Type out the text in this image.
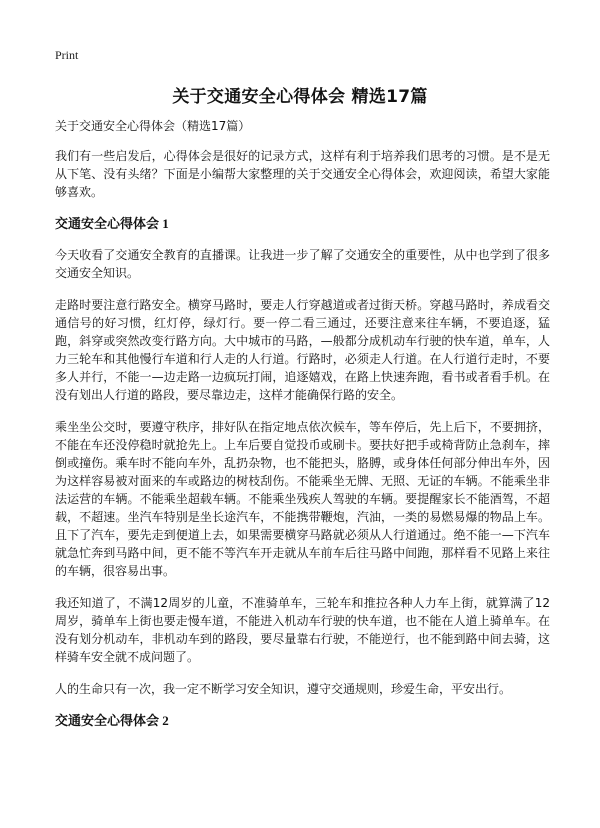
Print
关于交通安全心得体会 精选17篇
关于交通安全心得体会（精选17篇）

我们有一些启发后，心得体会是很好的记录方式，这样有利于培养我们思考的习惯。是不是无从下笔、没有头绪？下面是小编帮大家整理的关于交通安全心得体会，欢迎阅读，希望大家能够喜欢。

交通安全心得体会 1

今天收看了交通安全教育的直播课。让我进一步了解了交通安全的重要性，从中也学到了很多交通安全知识。

走路时要注意行路安全。横穿马路时，要走人行穿越道或者过街天桥。穿越马路时，养成看交通信号的好习惯，红灯停，绿灯行。要一停二看三通过，还要注意来往车辆，不要追逐，猛跑，斜穿或突然改变行路方向。大中城市的马路，—般都分成机动车行驶的快车道，单车，人力三轮车和其他慢行车道和行人走的人行道。行路时，必须走人行道。在人行道行走时，不要多人并行，不能一—边走路一边疯玩打闹，追逐嬉戏，在路上快速奔跑，看书或者看手机。在没有划出人行道的路段，要尽靠边走，这样才能确保行路的安全。

乘坐坐公交时，要遵守秩序，排好队在指定地点依次候车，等车停后，先上后下，不要拥挤，不能在车还没停稳时就抢先上。上车后要自觉投币或刷卡。要扶好把手或椅背防止急刹车，摔倒或撞伤。乘车时不能向车外，乱扔杂物，也不能把头，胳膊，或身体任何部分伸出车外，因为这样容易被对面来的车或路边的树枝刮伤。不能乘坐无牌、无照、无证的车辆。不能乘坐非法运营的车辆。不能乘坐超载车辆。不能乘坐残疾人驾驶的车辆。要提醒家长不能酒驾，不超载，不超速。坐汽车特别是坐长途汽车，不能携带鞭炮，汽油，一类的易燃易爆的物品上车。且下了汽车，要先走到便道上去，如果需要横穿马路就必须从人行道通过。绝不能一—下汽车就急忙奔到马路中间，更不能不等汽车开走就从车前车后往马路中间跑，那样看不见路上来往的车辆，很容易出事。

我还知道了，不满12周岁的儿童，不准骑单车，三轮车和推拉各种人力车上街，就算满了12周岁，骑单车上街也要走慢车道，不能进入机动车行驶的快车道，也不能在人道上骑单车。在没有划分机动车，非机动车到的路段，要尽量靠右行驶，不能逆行，也不能到路中间去骑，这样骑车安全就不成问题了。

人的生命只有一次，我一定不断学习安全知识，遵守交通规则，珍爱生命，平安出行。

交通安全心得体会 2
